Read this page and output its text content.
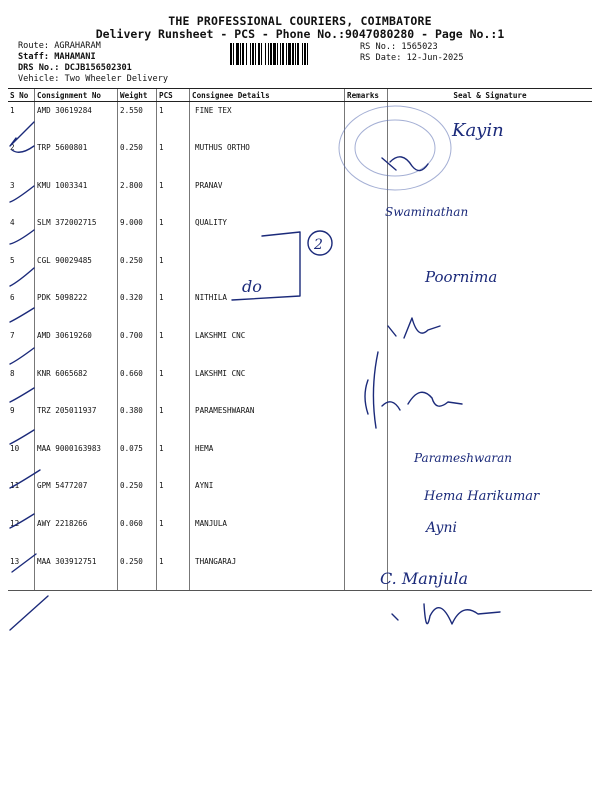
THE PROFESSIONAL COURIERS, COIMBATORE
Delivery Runsheet - PCS - Phone No.:9047080280 - Page No.:1
Route: AGRAHARAM
Staff: MAHAMANI
DRS No.: DCJB156502301
Vehicle: Two Wheeler Delivery
RS No.: 1565023
RS Date: 12-Jun-2025
S No	Consignment No	Weight	PCS	Consignee Details	Remarks	Seal & Signature
1	AMD 30619284	2.550	1	FINE TEX		
2	TRP 5600801	0.250	1	MUTHUS ORTHO		
3	KMU 1003341	2.800	1	PRANAV		
4	SLM 372002715	9.000	1	QUALITY		
5	CGL 90029485	0.250	1			
6	PDK 5098222	0.320	1	NITHILA		
7	AMD 30619260	0.700	1	LAKSHMI CNC		
8	KNR 6065682	0.660	1	LAKSHMI CNC		
9	TRZ 205011937	0.380	1	PARAMESHWARAN		
10	MAA 9000163983	0.075	1	HEMA		
11	GPM 5477207	0.250	1	AYNI		
12	AWY 2218266	0.060	1	MANJULA		
13	MAA 303912751	0.250	1	THANGARAJ		
2
do
Kayin
Swaminathan
Poornima
Parameshwaran
Hema Harikumar
Ayni
C. Manjula
